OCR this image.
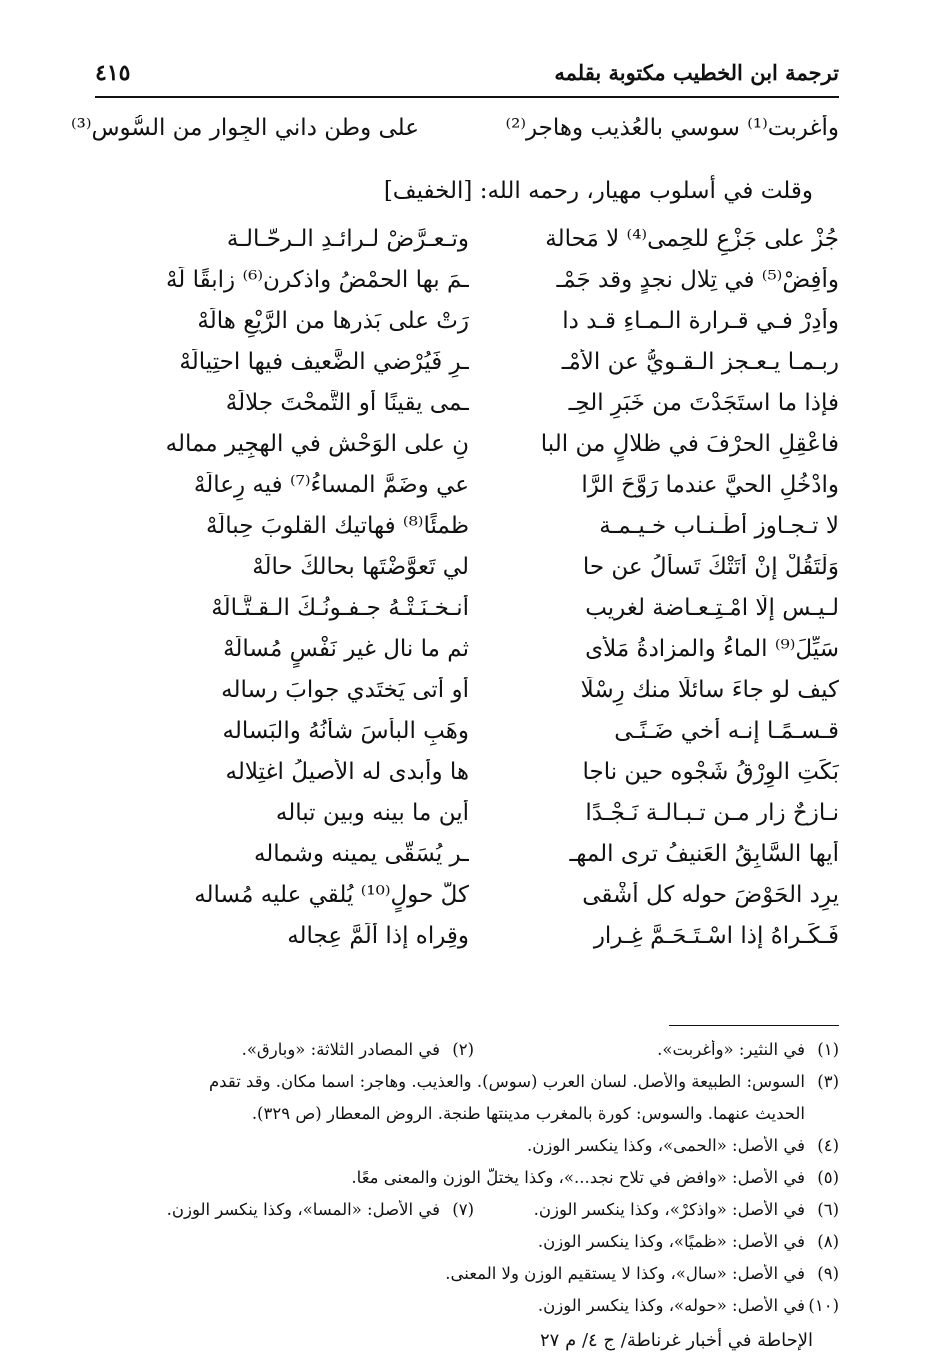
ترجمة ابن الخطيب مكتوبة بقلمه
٤١٥
وأغربت⁽¹⁾ سوسي بالعُذيب وهاجر⁽²⁾
على وطنٍ داني الجِوار من السُّوس⁽³⁾
وقلت في أسلوب مهيار، رحمه الله: [الخفيف]
جُزْ على جَزْعِ للحِمى⁽⁴⁾ لا مَحالة
وتـعـرَّضْ لـرائـدِ الـرحّـالـة
وأفِضْ⁽⁵⁾ في تِلال نجدٍ وقد جَمْـ
ـمَ بها الحمْضُ واذكرن⁽⁶⁾ زابقًا لَهْ
وأدِرْ فـي قـرارة الـمـاءِ قـد دا
رَتْ على بَذرها من الرَّيْعِ هالَهْ
ربـمـا يـعـجز الـقـويُّ عن الأمْـ
ـرِ فَيُرْضي الضَّعيف فيها احتِيالَهْ
فإذا ما استَجَدْتَ من خَبَرِ الحِـ
ـمى يقينًا أو التَّمحْتَ جلالَهْ
فاعْقِلِ الحرْفَ في ظلالٍ من البا
نِ على الوَحْش في الهجِير مماله
وادْخُلِ الحيَّ عندما رَوَّحَ الرَّا
عي وضَمَّ المساءُ⁽⁷⁾ فيه رِعالَهْ
لا تـجـاوز أطْـنـاب خـيـمـة
ظمئًا⁽⁸⁾ فهاتيك القلوبَ حِبالَهْ
وَلْتَقُلْ إنْ أتَتْكَ تَسألُ عن حا
لي تَعوَّضْتَها بحالكَ حالَهْ
لـيـس إلَّا امْـتِـعـاضة لغريب
أنـخـنَـتْـهُ جـفـونُـكَ الـقـتَّـالَهْ
سَيِّلَ⁽⁹⁾ الماءُ والمزادةُ مَلأى
ثم ما نال غير نَفْسٍ مُسالَهْ
كيف لو جاءَ سائلًا منك رِسْلًا
أو أتى يَختَدي جوابَ رساله
قـسـمًـا إنـه أخي ضَـنًـى
وهَبِ البأسَ شأنُهُ والبَساله
بَكَتِ الوِرْقُ شَجْوه حين ناجا
ها وأبدى له الأصيلُ اغتِلاله
نـازحٌ زار مـن تـبـالـة نَـجْـدًا
أين ما بينه وبين تباله
أيها السَّابِقُ العَنيفُ ترى المهـ
ـر يُسَقّى يمينه وشماله
يرِد الحَوْضَ حوله كل أشْقى
كلَّ حولٍ⁽¹⁰⁾ يُلقي عليه مُساله
فَـكَـراهُ إذا اسْـتَـحَـمَّ غِـرار
وقِراه إذا ألَمَّ عِجاله
(١)في النثير: «وأغربت».
(٢)في المصادر الثلاثة: «وبارق».
(٣)السوس: الطبيعة والأصل. لسان العرب (سوس). والعذيب. وهاجر: اسما مكان. وقد تقدم
الحديث عنهما. والسوس: كورة بالمغرب مدينتها طنجة. الروض المعطار (ص ٣٢٩).
(٤)في الأصل: «الحمى»، وكذا ينكسر الوزن.
(٥)في الأصل: «وافض في تلاح نجد...»، وكذا يختلّ الوزن والمعنى معًا.
(٦)في الأصل: «واذكرْ»، وكذا ينكسر الوزن.
(٧)في الأصل: «المسا»، وكذا ينكسر الوزن.
(٨)في الأصل: «ظميًا»، وكذا ينكسر الوزن.
(٩)في الأصل: «سال»، وكذا لا يستقيم الوزن ولا المعنى.
(١٠)في الأصل: «حوله»، وكذا ينكسر الوزن.
الإحاطة في أخبار غرناطة/ ج ٤/ م ٢٧
